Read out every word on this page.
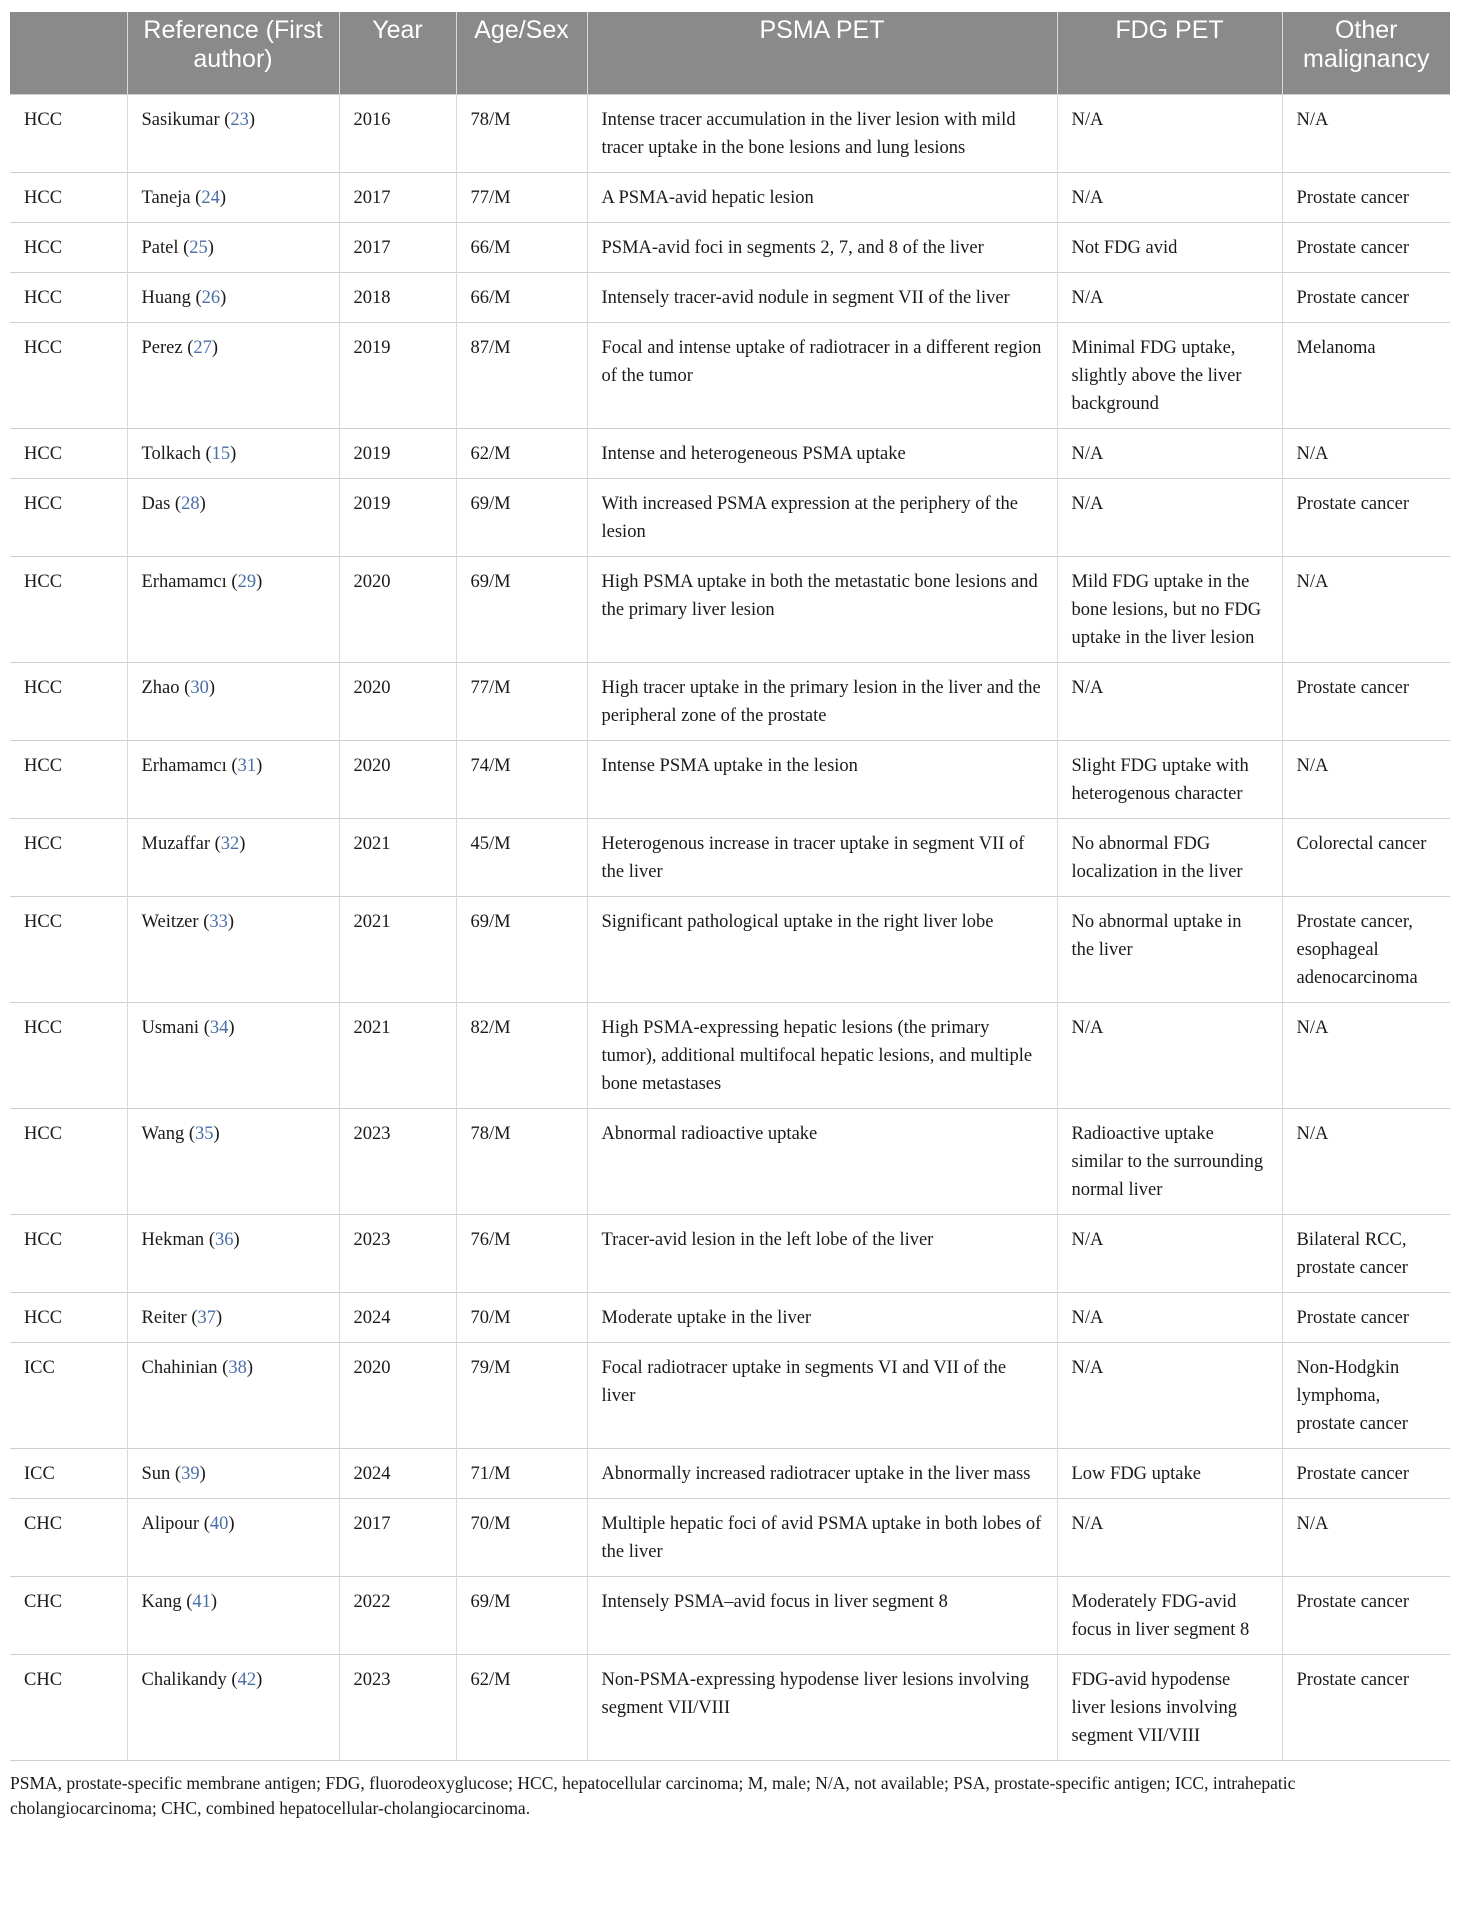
	Reference (First author)	Year	Age/Sex	PSMA PET	FDG PET	Other malignancy
HCC	Sasikumar (23)	2016	78/M	Intense tracer accumulation in the liver lesion with mild tracer uptake in the bone lesions and lung lesions	N/A	N/A
HCC	Taneja (24)	2017	77/M	A PSMA-avid hepatic lesion	N/A	Prostate cancer
HCC	Patel (25)	2017	66/M	PSMA-avid foci in segments 2, 7, and 8 of the liver	Not FDG avid	Prostate cancer
HCC	Huang (26)	2018	66/M	Intensely tracer-avid nodule in segment VII of the liver	N/A	Prostate cancer
HCC	Perez (27)	2019	87/M	Focal and intense uptake of radiotracer in a different region of the tumor	Minimal FDG uptake, slightly above the liver background	Melanoma
HCC	Tolkach (15)	2019	62/M	Intense and heterogeneous PSMA uptake	N/A	N/A
HCC	Das (28)	2019	69/M	With increased PSMA expression at the periphery of the lesion	N/A	Prostate cancer
HCC	Erhamamcı (29)	2020	69/M	High PSMA uptake in both the metastatic bone lesions and the primary liver lesion	Mild FDG uptake in the bone lesions, but no FDG uptake in the liver lesion	N/A
HCC	Zhao (30)	2020	77/M	High tracer uptake in the primary lesion in the liver and the peripheral zone of the prostate	N/A	Prostate cancer
HCC	Erhamamcı (31)	2020	74/M	Intense PSMA uptake in the lesion	Slight FDG uptake with heterogenous character	N/A
HCC	Muzaffar (32)	2021	45/M	Heterogenous increase in tracer uptake in segment VII of the liver	No abnormal FDG localization in the liver	Colorectal cancer
HCC	Weitzer (33)	2021	69/M	Significant pathological uptake in the right liver lobe	No abnormal uptake in the liver	Prostate cancer, esophageal adenocarcinoma
HCC	Usmani (34)	2021	82/M	High PSMA-expressing hepatic lesions (the primary tumor), additional multifocal hepatic lesions, and multiple bone metastases	N/A	N/A
HCC	Wang (35)	2023	78/M	Abnormal radioactive uptake	Radioactive uptake similar to the surrounding normal liver	N/A
HCC	Hekman (36)	2023	76/M	Tracer-avid lesion in the left lobe of the liver	N/A	Bilateral RCC, prostate cancer
HCC	Reiter (37)	2024	70/M	Moderate uptake in the liver	N/A	Prostate cancer
ICC	Chahinian (38)	2020	79/M	Focal radiotracer uptake in segments VI and VII of the liver	N/A	Non-Hodgkin lymphoma, prostate cancer
ICC	Sun (39)	2024	71/M	Abnormally increased radiotracer uptake in the liver mass	Low FDG uptake	Prostate cancer
CHC	Alipour (40)	2017	70/M	Multiple hepatic foci of avid PSMA uptake in both lobes of the liver	N/A	N/A
CHC	Kang (41)	2022	69/M	Intensely PSMA–avid focus in liver segment 8	Moderately FDG-avid focus in liver segment 8	Prostate cancer
CHC	Chalikandy (42)	2023	62/M	Non-PSMA-expressing hypodense liver lesions involving segment VII/VIII	FDG-avid hypodense liver lesions involving segment VII/VIII	Prostate cancer
PSMA, prostate-specific membrane antigen; FDG, fluorodeoxyglucose; HCC, hepatocellular carcinoma; M, male; N/A, not available; PSA, prostate-specific antigen; ICC, intrahepatic cholangiocarcinoma; CHC, combined hepatocellular-cholangiocarcinoma.
